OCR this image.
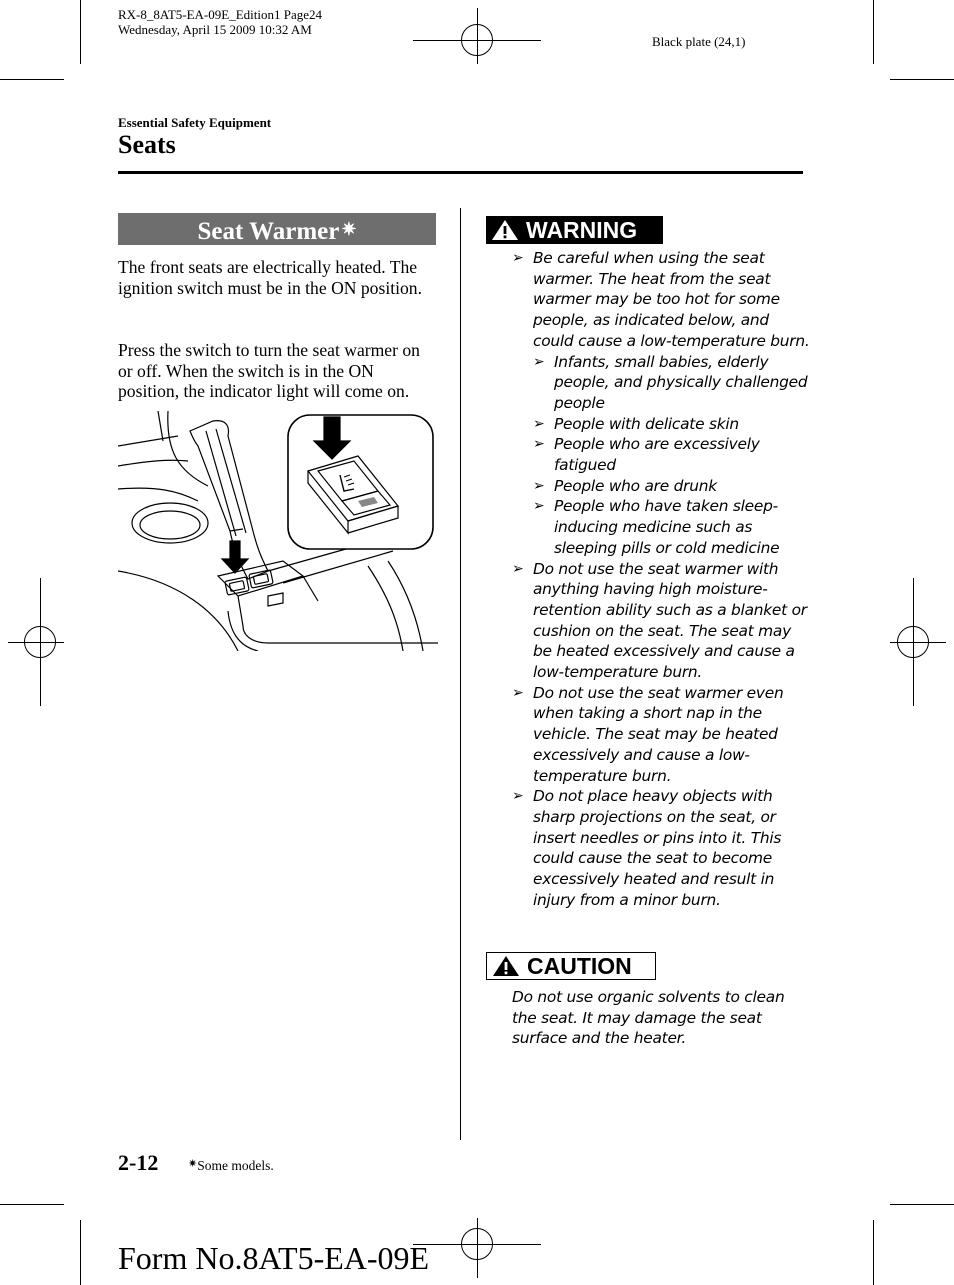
RX-8_8AT5-EA-09E_Edition1 Page24
Wednesday, April 15 2009 10:32 AM
Black plate (24,1)
Essential Safety Equipment
Seats
Seat Warmer ✷
The front seats are electrically heated. The ignition switch must be in the ON position.
Press the switch to turn the seat warmer on or off. When the switch is in the ON position, the indicator light will come on.
WARNING
➢ Be careful when using the seat warmer. The heat from the seat warmer may be too hot for some people, as indicated below, and could cause a low-temperature burn.
➢ Infants, small babies, elderly people, and physically challenged people
➢ People with delicate skin
➢ People who are excessively fatigued
➢ People who are drunk
➢ People who have taken sleep-inducing medicine such as sleeping pills or cold medicine
➢ Do not use the seat warmer with anything having high moisture-retention ability such as a blanket or cushion on the seat. The seat may be heated excessively and cause a low-temperature burn.
➢ Do not use the seat warmer even when taking a short nap in the vehicle. The seat may be heated excessively and cause a low-temperature burn.
➢ Do not place heavy objects with sharp projections on the seat, or insert needles or pins into it. This could cause the seat to become excessively heated and result in injury from a minor burn.
CAUTION
Do not use organic solvents to clean the seat. It may damage the seat surface and the heater.
2-12	✷Some models.
Form No.8AT5-EA-09E
